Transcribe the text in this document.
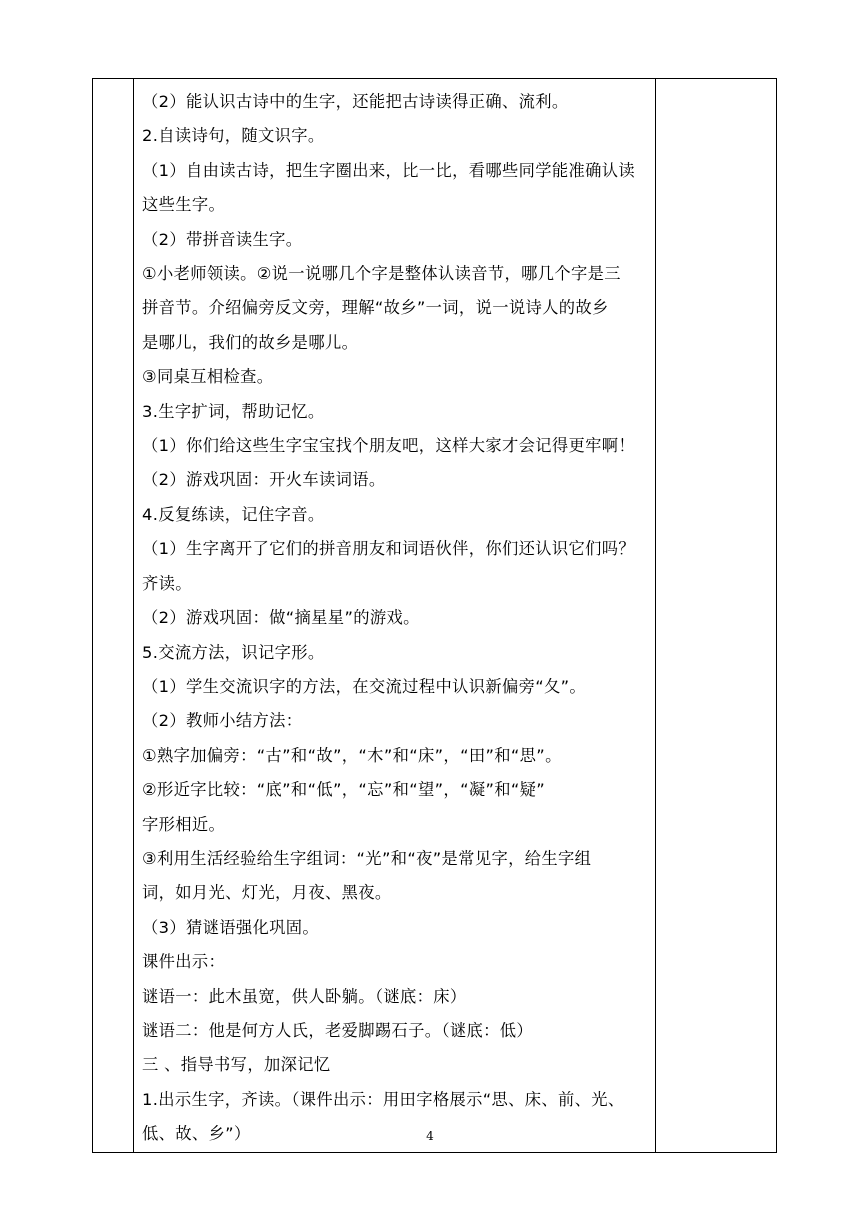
（2）能认识古诗中的生字，还能把古诗读得正确、流利。
2.自读诗句，随文识字。
（1）自由读古诗，把生字圈出来，比一比，看哪些同学能准确认读
这些生字。
（2）带拼音读生字。
①小老师领读。②说一说哪几个字是整体认读音节，哪几个字是三
拼音节。介绍偏旁反文旁，理解“故乡”一词，说一说诗人的故乡
是哪儿，我们的故乡是哪儿。
③同桌互相检查。
3.生字扩词，帮助记忆。
（1）你们给这些生字宝宝找个朋友吧，这样大家才会记得更牢啊！
（2）游戏巩固：开火车读词语。
4.反复练读，记住字音。
（1）生字离开了它们的拼音朋友和词语伙伴，你们还认识它们吗？
齐读。
（2）游戏巩固：做“摘星星”的游戏。
5.交流方法，识记字形。
（1）学生交流识字的方法，在交流过程中认识新偏旁“夂”。
（2）教师小结方法：
①熟字加偏旁：“古”和“故”，“木”和“床”，“田”和“思”。
②形近字比较：“底”和“低”，“忘”和“望”，“凝”和“疑”
字形相近。
③利用生活经验给生字组词：“光”和“夜”是常见字，给生字组
词，如月光、灯光，月夜、黑夜。
（3）猜谜语强化巩固。
课件出示：
谜语一：此木虽宽，供人卧躺。（谜底：床）
谜语二：他是何方人氏，老爱脚踢石子。（谜底：低）
三 、指导书写，加深记忆
1.出示生字，齐读。（课件出示：用田字格展示“思、床、前、光、
低、故、乡”）
		4
